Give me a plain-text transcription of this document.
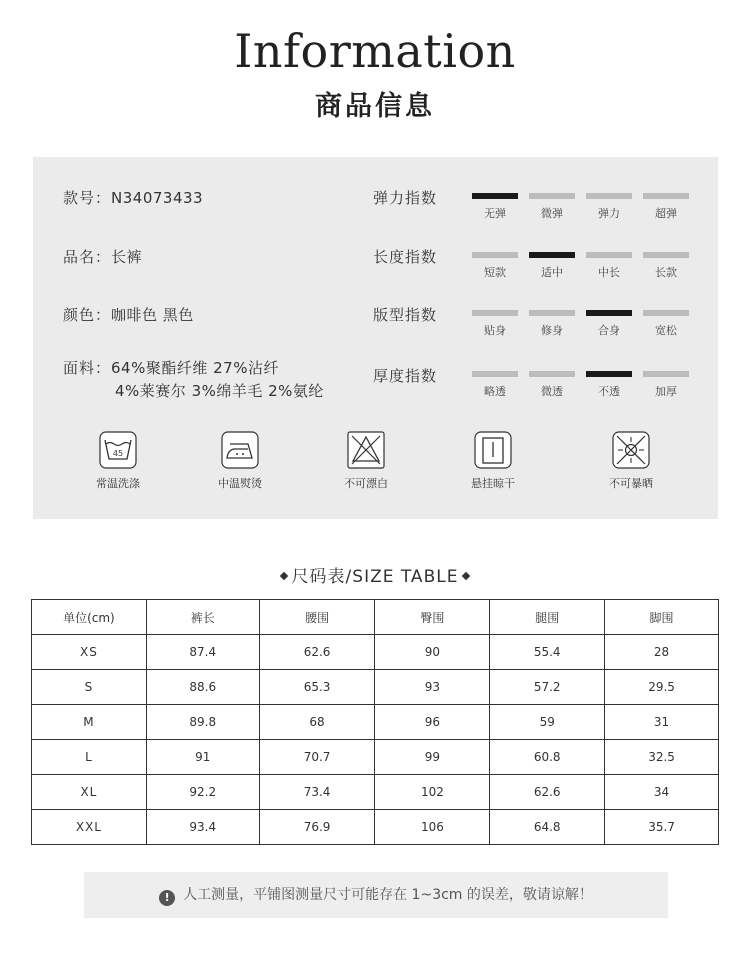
Information
商品信息
款号：N34073433
品名：长裤
颜色：咖啡色 黑色
面料：64%聚酯纤维 27%沾纤
4%莱赛尔 3%绵羊毛 2%氨纶
弹力指数
无弹	微弹	弹力	超弹
长度指数
短款	适中	中长	长款
版型指数
贴身	修身	合身	宽松
厚度指数
略透	微透	不透	加厚
45
常温洗涤	中温熨烫	不可漂白	悬挂晾干	不可暴晒
尺码表/SIZE TABLE
单位(cm)	裤长	腰围	臀围	腿围	脚围
XS	87.4	62.6	90	55.4	28
S	88.6	65.3	93	57.2	29.5
M	89.8	68	96	59	31
L	91	70.7	99	60.8	32.5
XL	92.2	73.4	102	62.6	34
XXL	93.4	76.9	106	64.8	35.7
! 人工测量，平铺图测量尺寸可能存在 1~3cm 的误差，敬请谅解！
